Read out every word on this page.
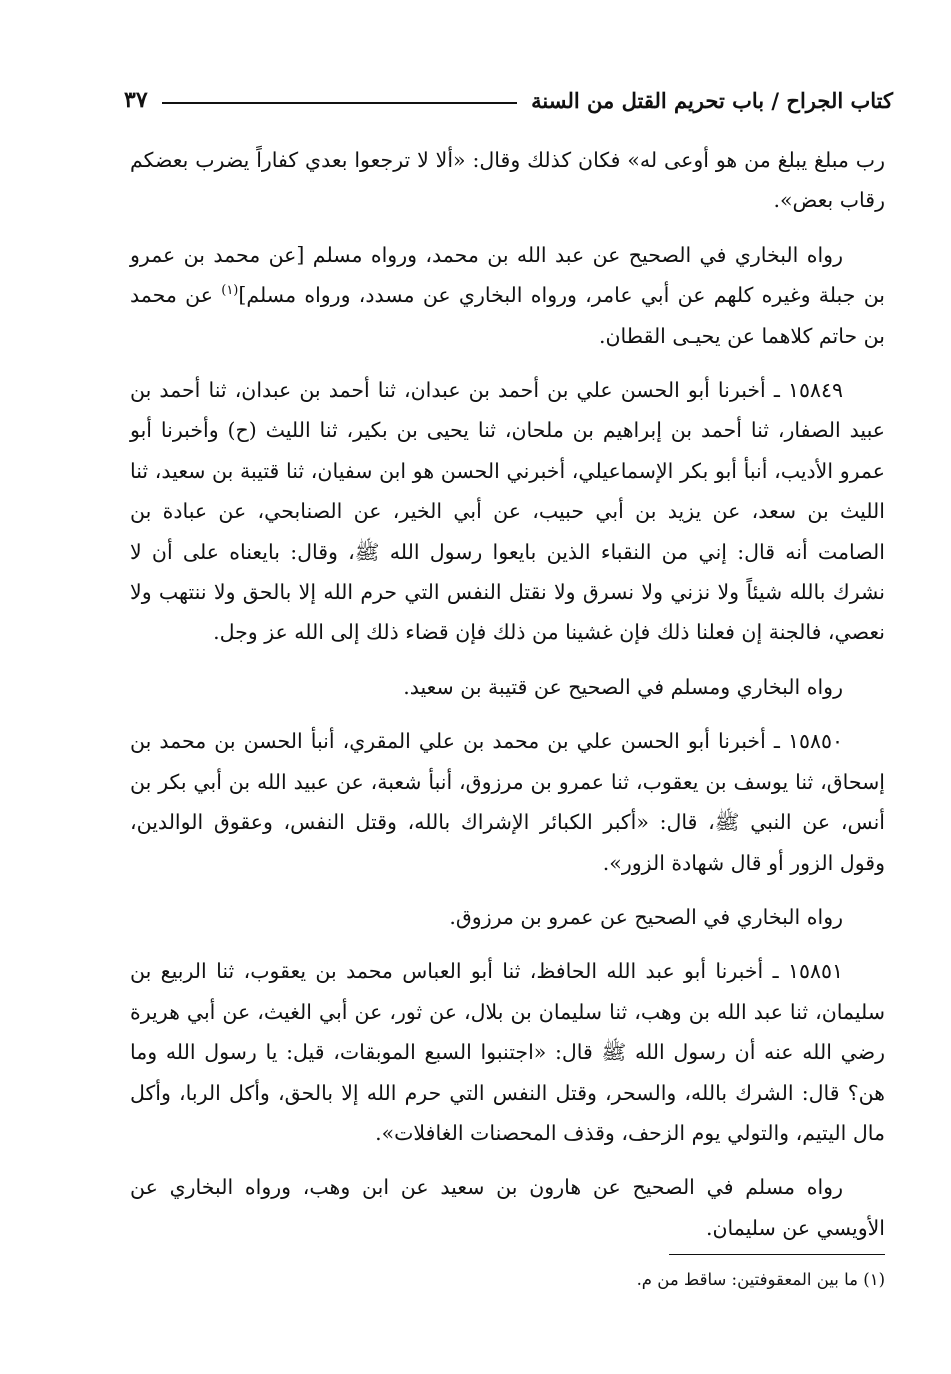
كتاب الجراح / باب تحريم القتل من السنة
٣٧

رب مبلغ يبلغ من هو أوعى له» فكان كذلك وقال: «ألا لا ترجعوا بعدي كفاراً يضرب بعضكم رقاب بعض».

رواه البخاري في الصحيح عن عبد الله بن محمد، ورواه مسلم [عن محمد بن عمرو بن جبلة وغيره كلهم عن أبي عامر، ورواه البخاري عن مسدد، ورواه مسلم]$^{(١)}$ عن محمد بن حاتم كلاهما عن يحيـى القطان.

١٥٨٤٩ ـ أخبرنا أبو الحسن علي بن أحمد بن عبدان، ثنا أحمد بن عبدان، ثنا أحمد بن عبيد الصفار، ثنا أحمد بن إبراهيم بن ملحان، ثنا يحيى بن بكير، ثنا الليث (ح) وأخبرنا أبو عمرو الأديب، أنبأ أبو بكر الإسماعيلي، أخبرني الحسن هو ابن سفيان، ثنا قتيبة بن سعيد، ثنا الليث بن سعد، عن يزيد بن أبي حبيب، عن أبي الخير، عن الصنابحي، عن عبادة بن الصامت أنه قال: إني من النقباء الذين بايعوا رسول الله ﷺ، وقال: بايعناه على أن لا نشرك بالله شيئاً ولا نزني ولا نسرق ولا نقتل النفس التي حرم الله إلا بالحق ولا ننتهب ولا نعصي، فالجنة إن فعلنا ذلك فإن غشينا من ذلك فإن قضاء ذلك إلى الله عز وجل.

رواه البخاري ومسلم في الصحيح عن قتيبة بن سعيد.

١٥٨٥٠ ـ أخبرنا أبو الحسن علي بن محمد بن علي المقري، أنبأ الحسن بن محمد بن إسحاق، ثنا يوسف بن يعقوب، ثنا عمرو بن مرزوق، أنبأ شعبة، عن عبيد الله بن أبي بكر بن أنس، عن النبي ﷺ، قال: «أكبر الكبائر الإشراك بالله، وقتل النفس، وعقوق الوالدين، وقول الزور أو قال شهادة الزور».

رواه البخاري في الصحيح عن عمرو بن مرزوق.

١٥٨٥١ ـ أخبرنا أبو عبد الله الحافظ، ثنا أبو العباس محمد بن يعقوب، ثنا الربيع بن سليمان، ثنا عبد الله بن وهب، ثنا سليمان بن بلال، عن ثور، عن أبي الغيث، عن أبي هريرة رضي الله عنه أن رسول الله ﷺ قال: «اجتنبوا السبع الموبقات، قيل: يا رسول الله وما هن؟ قال: الشرك بالله، والسحر، وقتل النفس التي حرم الله إلا بالحق، وأكل الربا، وأكل مال اليتيم، والتولي يوم الزحف، وقذف المحصنات الغافلات».

رواه مسلم في الصحيح عن هارون بن سعيد عن ابن وهب، ورواه البخاري عن الأويسي عن سليمان.

(١) ما بين المعقوفتين: ساقط من م.
